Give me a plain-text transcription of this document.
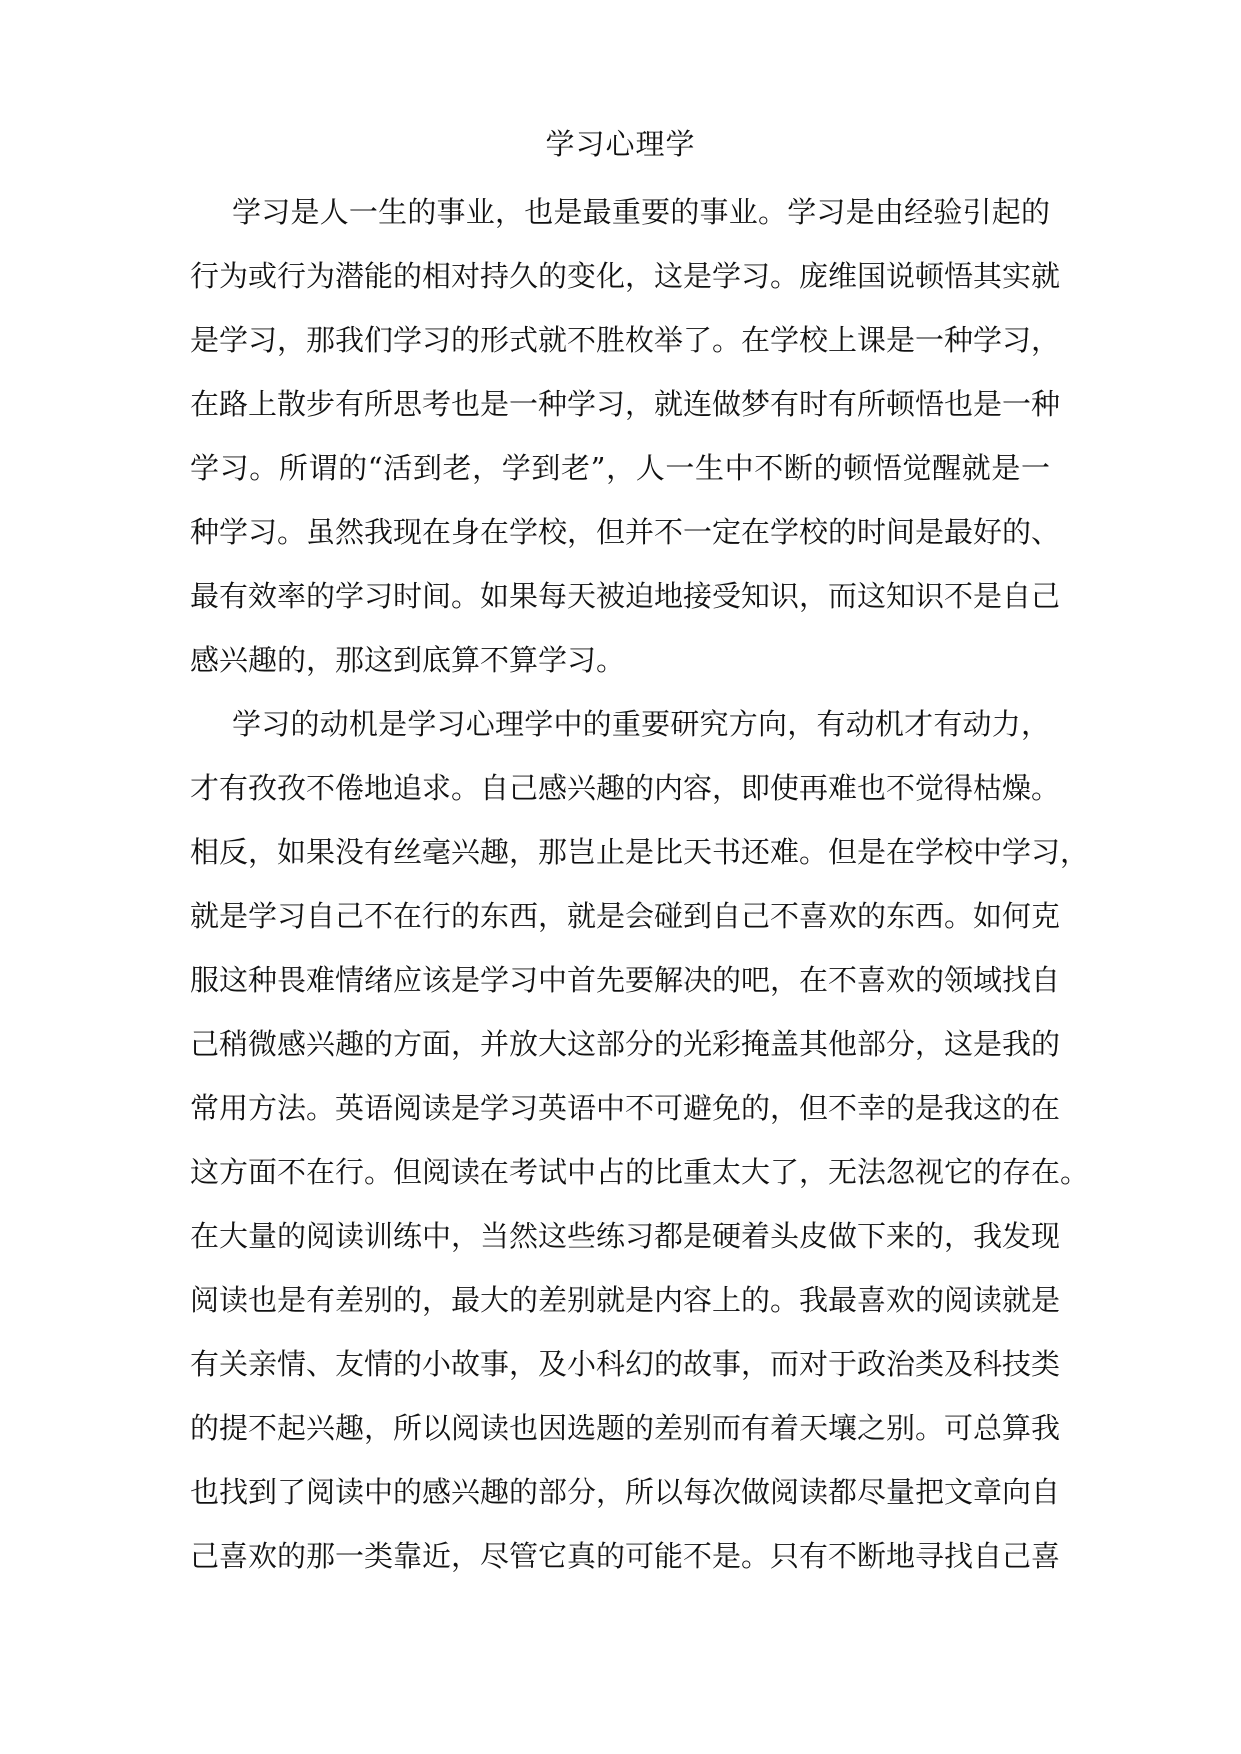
学习心理学
学习是人一生的事业，也是最重要的事业。学习是由经验引起的
行为或行为潜能的相对持久的变化，这是学习。庞维国说顿悟其实就
是学习，那我们学习的形式就不胜枚举了。在学校上课是一种学习，
在路上散步有所思考也是一种学习，就连做梦有时有所顿悟也是一种
学习。所谓的“活到老，学到老”，人一生中不断的顿悟觉醒就是一
种学习。虽然我现在身在学校，但并不一定在学校的时间是最好的、
最有效率的学习时间。如果每天被迫地接受知识，而这知识不是自己
感兴趣的，那这到底算不算学习。
学习的动机是学习心理学中的重要研究方向，有动机才有动力，
才有孜孜不倦地追求。自己感兴趣的内容，即使再难也不觉得枯燥。
相反，如果没有丝毫兴趣，那岂止是比天书还难。但是在学校中学习，
就是学习自己不在行的东西，就是会碰到自己不喜欢的东西。如何克
服这种畏难情绪应该是学习中首先要解决的吧，在不喜欢的领域找自
己稍微感兴趣的方面，并放大这部分的光彩掩盖其他部分，这是我的
常用方法。英语阅读是学习英语中不可避免的，但不幸的是我这的在
这方面不在行。但阅读在考试中占的比重太大了，无法忽视它的存在。
在大量的阅读训练中，当然这些练习都是硬着头皮做下来的，我发现
阅读也是有差别的，最大的差别就是内容上的。我最喜欢的阅读就是
有关亲情、友情的小故事，及小科幻的故事，而对于政治类及科技类
的提不起兴趣，所以阅读也因选题的差别而有着天壤之别。可总算我
也找到了阅读中的感兴趣的部分，所以每次做阅读都尽量把文章向自
己喜欢的那一类靠近，尽管它真的可能不是。只有不断地寻找自己喜
